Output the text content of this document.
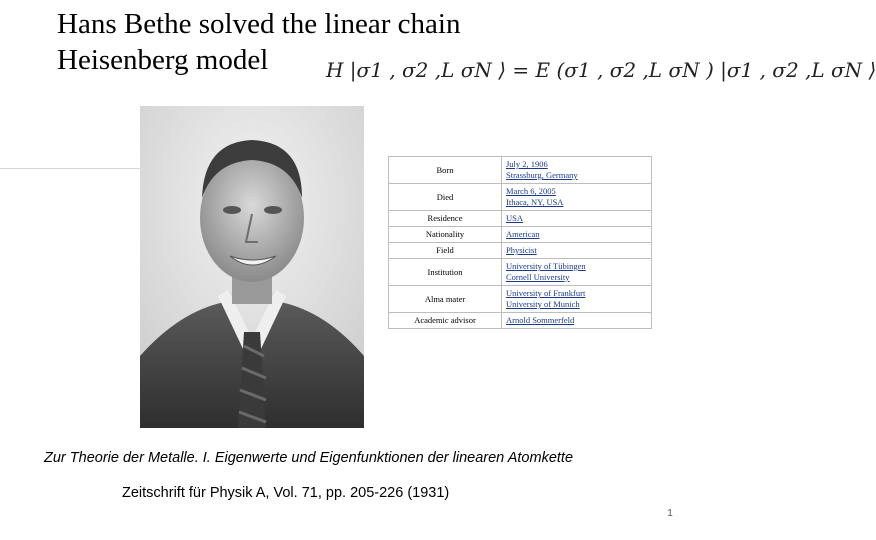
Hans Bethe solved the linear chain
Heisenberg model	H |σ1 , σ2 ,L σN ⟩ = E (σ1 , σ2 ,L σN ) |σ1 , σ2 ,L σN ⟩
Born	July 2, 1906
Strassburg, Germany

Died	March 6, 2005
Ithaca, NY, USA

Residence	USA

Nationality	American

Field	Physicist

Institution	University of Tübingen
Cornell University

Alma mater	University of Frankfurt
University of Munich

Academic advisor	Arnold Sommerfeld
Zur Theorie der Metalle. I. Eigenwerte und Eigenfunktionen der linearen Atomkette
Zeitschrift für Physik A, Vol. 71, pp. 205-226 (1931)
1
